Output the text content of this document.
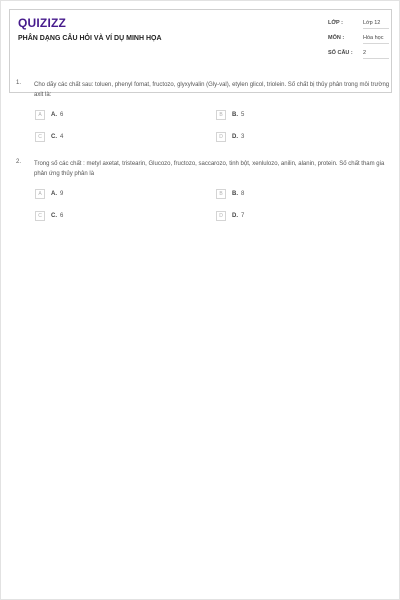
QUIZIZZ
PHÂN DẠNG CÂU HỎI VÀ VÍ DỤ MINH HỌA
LỚP :	Lớp 12
MÔN :	Hóa học
SỐ CÂU :	2
1. Cho dãy các chất sau: toluen, phenyl fomat, fructozo, glyxylvalin (Gly-val), etylen glicol, triolein. Số chất bị thủy phân trong môi trường axit là:
A	A. 6	B	B. 5
C	C. 4	D	D. 3
2. Trong số các chất : metyl axetat, tristearin, Glucozo, fructozo, saccarozo, tinh bột, xenlulozo, anilin, alanin, protein. Số chất tham gia phản ứng thủy phân là
A	A. 9	B	B. 8
C	C. 6	D	D. 7
